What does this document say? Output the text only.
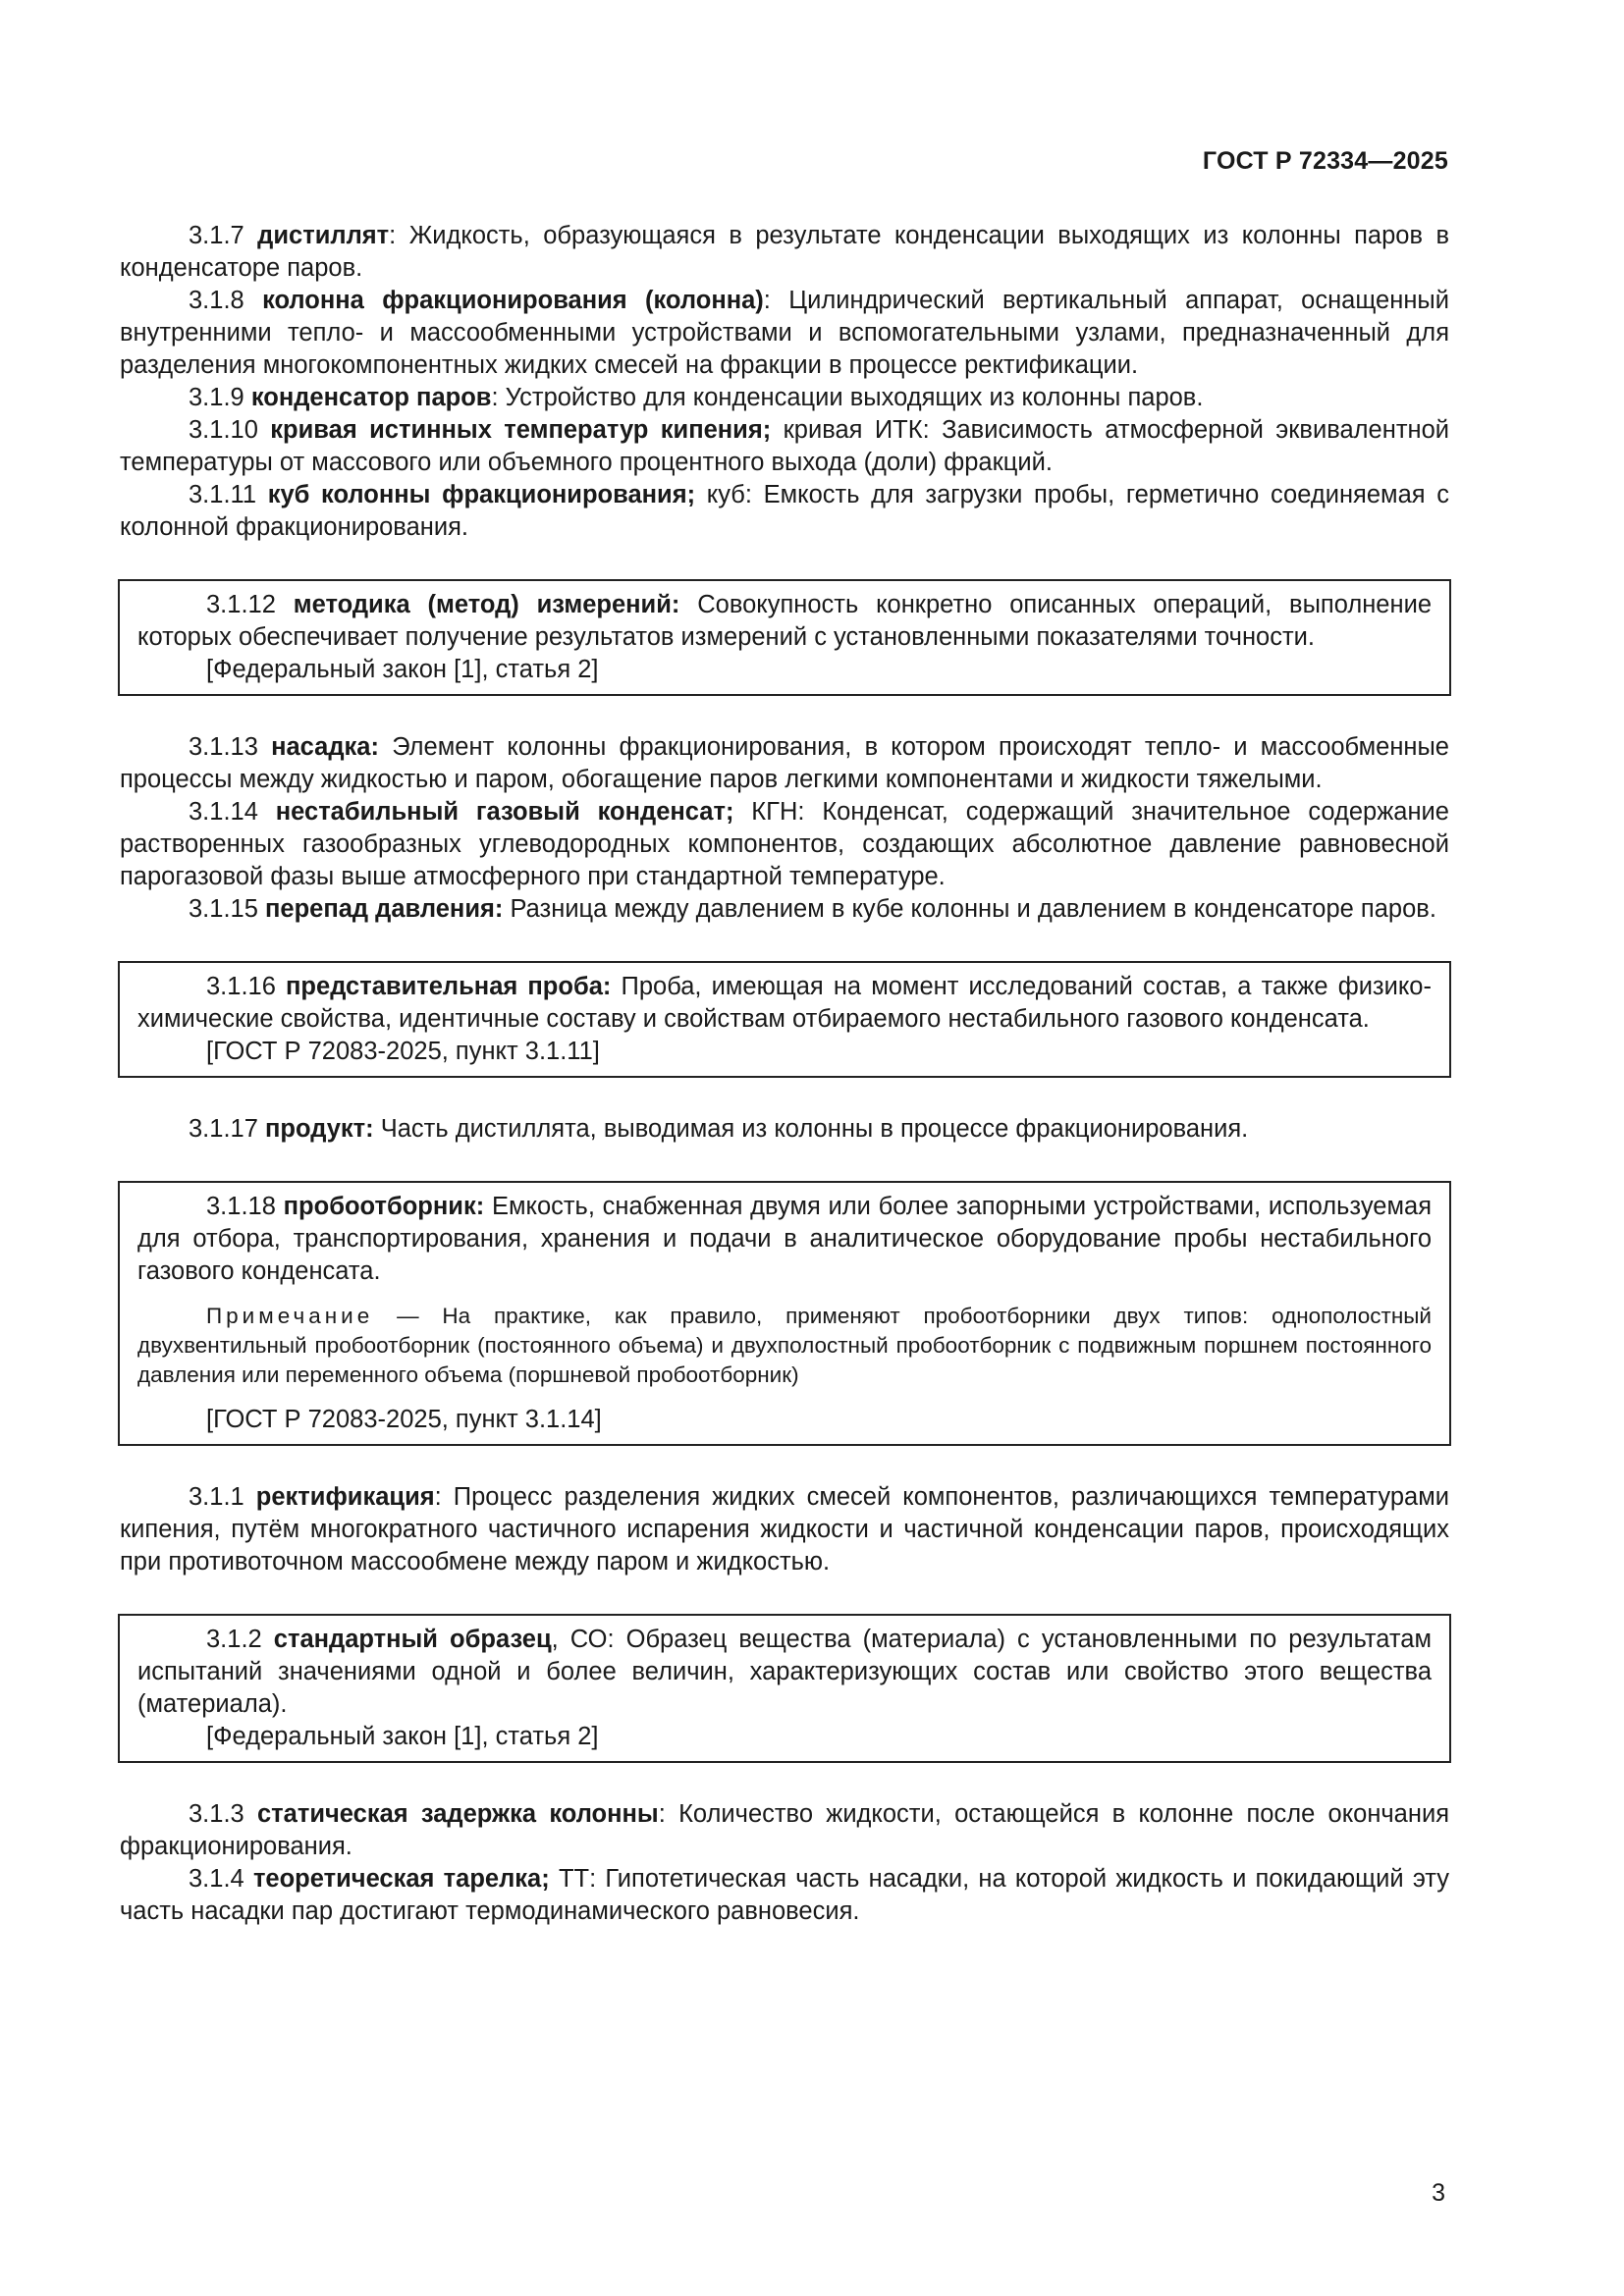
ГОСТ Р 72334—2025

3.1.7 дистиллят: Жидкость, образующаяся в результате конденсации выходящих из колонны паров в конденсаторе паров.

3.1.8 колонна фракционирования (колонна): Цилиндрический вертикальный аппарат, оснащенный внутренними тепло- и массообменными устройствами и вспомогательными узлами, предназначенный для разделения многокомпонентных жидких смесей на фракции в процессе ректификации.

3.1.9 конденсатор паров: Устройство для конденсации выходящих из колонны паров.

3.1.10 кривая истинных температур кипения; кривая ИТК: Зависимость атмосферной эквивалентной температуры от массового или объемного процентного выхода (доли) фракций.

3.1.11 куб колонны фракционирования; куб: Емкость для загрузки пробы, герметично соединяемая с колонной фракционирования.

3.1.12 методика (метод) измерений: Совокупность конкретно описанных операций, выполнение которых обеспечивает получение результатов измерений с установленными показателями точности.

[Федеральный закон [1], статья 2]

3.1.13 насадка: Элемент колонны фракционирования, в котором происходят тепло- и массообменные процессы между жидкостью и паром, обогащение паров легкими компонентами и жидкости тяжелыми.

3.1.14 нестабильный газовый конденсат; КГН: Конденсат, содержащий значительное содержание растворенных газообразных углеводородных компонентов, создающих абсолютное давление равновесной парогазовой фазы выше атмосферного при стандартной температуре.

3.1.15 перепад давления: Разница между давлением в кубе колонны и давлением в конденсаторе паров.

3.1.16 представительная проба: Проба, имеющая на момент исследований состав, а также физико-химические свойства, идентичные составу и свойствам отбираемого нестабильного газового конденсата.

[ГОСТ Р 72083-2025, пункт 3.1.11]

3.1.17 продукт: Часть дистиллята, выводимая из колонны в процессе фракционирования.

3.1.18 пробоотборник: Емкость, снабженная двумя или более запорными устройствами, используемая для отбора, транспортирования, хранения и подачи в аналитическое оборудование пробы нестабильного газового конденсата.

Примечание — На практике, как правило, применяют пробоотборники двух типов: однополостный двухвентильный пробоотборник (постоянного объема) и двухполостный пробоотборник с подвижным поршнем постоянного давления или переменного объема (поршневой пробоотборник)

[ГОСТ Р 72083-2025, пункт 3.1.14]

3.1.1 ректификация: Процесс разделения жидких смесей компонентов, различающихся температурами кипения, путём многократного частичного испарения жидкости и частичной конденсации паров, происходящих при противоточном массообмене между паром и жидкостью.

3.1.2 стандартный образец, СО: Образец вещества (материала) с установленными по результатам испытаний значениями одной и более величин, характеризующих состав или свойство этого вещества (материала).

[Федеральный закон [1], статья 2]

3.1.3 статическая задержка колонны: Количество жидкости, остающейся в колонне после окончания фракционирования.

3.1.4 теоретическая тарелка; ТТ: Гипотетическая часть насадки, на которой жидкость и покидающий эту часть насадки пар достигают термодинамического равновесия.

3
